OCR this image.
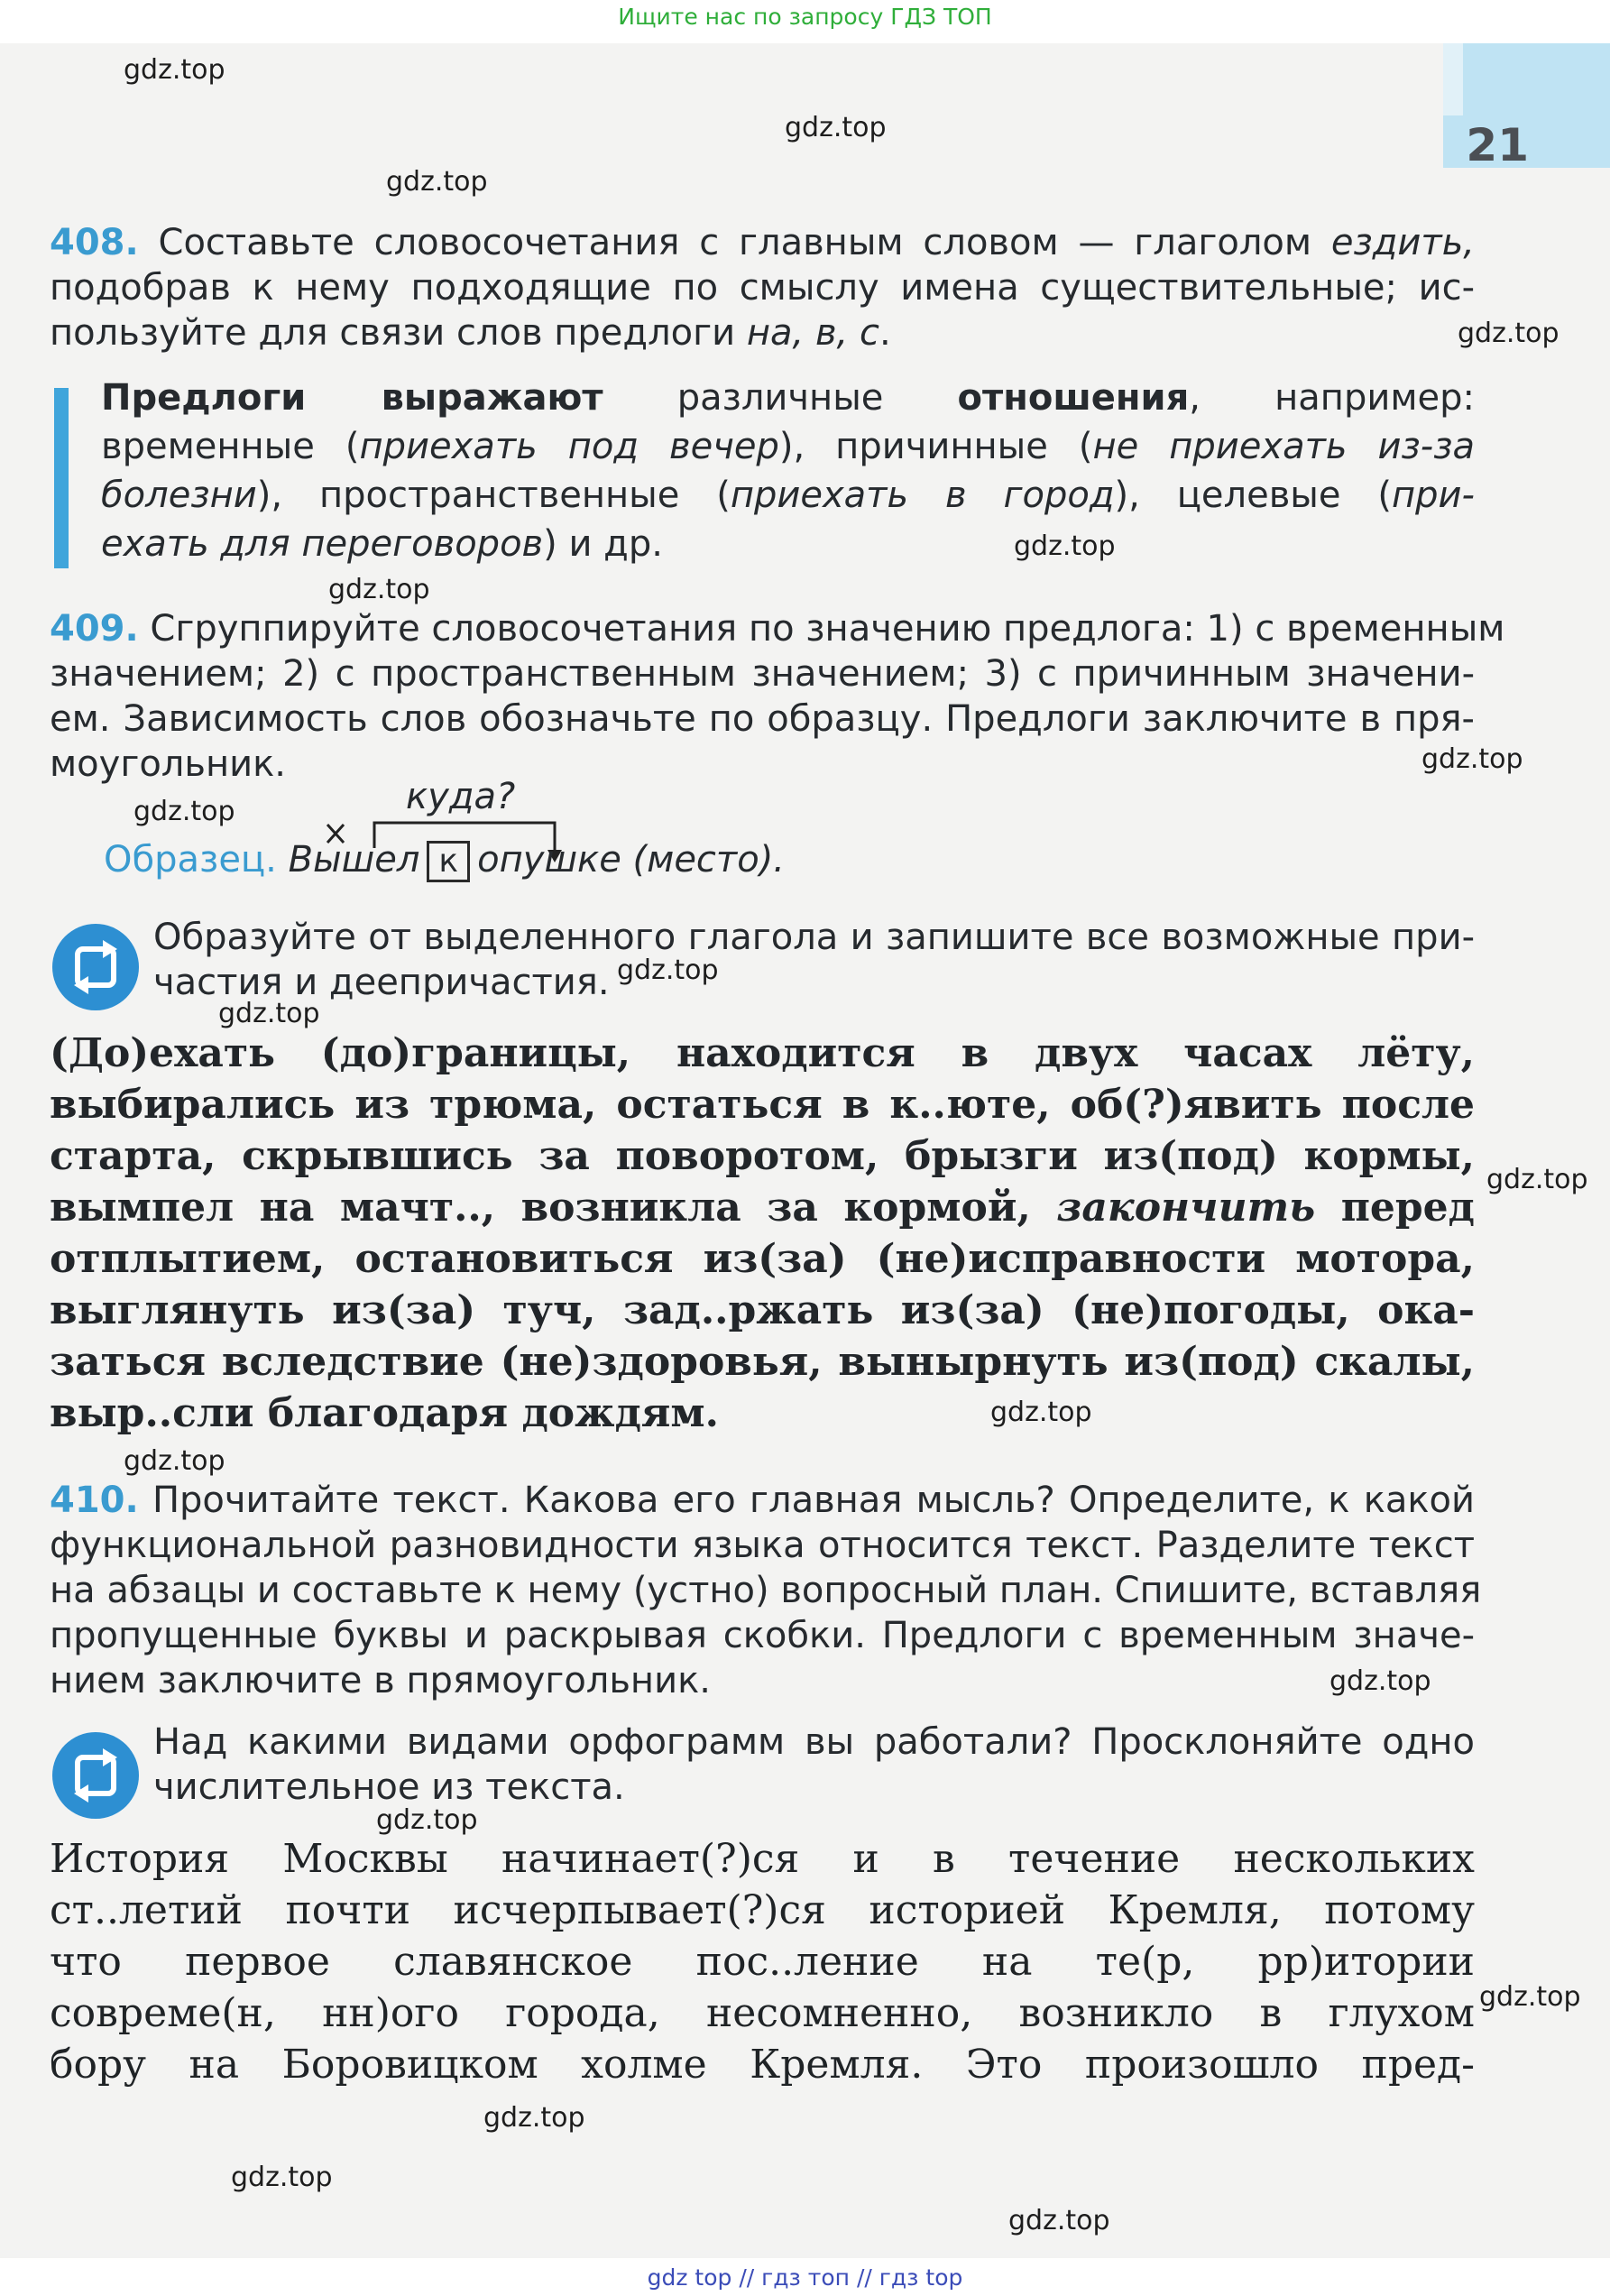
Ищите нас по запросу ГДЗ ТОП
21
gdz.top
gdz.top
gdz.top
gdz.top
gdz.top
gdz.top
gdz.top
gdz.top
gdz.top
gdz.top
gdz.top
gdz.top
gdz.top
gdz.top
gdz.top
gdz.top
gdz.top
gdz.top
gdz.top
408. Составьте словосочетания с главным словом — глаголом ездить,
подобрав к нему подходящие по смыслу имена существительные; ис-
пользуйте для связи слов предлоги на, в, с.
Предлоги выражают различные отношения, например:
временные (приехать под вечер), причинные (не приехать из-за
болезни), пространственные (приехать в город), целевые (при-
ехать для переговоров) и др.
409. Сгруппируйте словосочетания по значению предлога: 1) с временным
значением; 2) с пространственным значением; 3) с причинным значени-
ем. Зависимость слов обозначьте по образцу. Предлоги заключите в пря-
моугольник.
куда?
Образец. Вышел к опушке (место).
Образуйте от выделенного глагола и запишите все возможные при-
частия и деепричастия.
(До)ехать (до)границы, находится в двух часах лёту,
выбирались из трюма, остаться в к..юте, об(?)явить после
старта, скрывшись за поворотом, брызги из(под) кормы,
вымпел на мачт.., возникла за кормой, закончить перед
отплытием, остановиться из(за) (не)исправности мотора,
выглянуть из(за) туч, зад..ржать из(за) (не)погоды, ока-
заться вследствие (не)здоровья, вынырнуть из(под) скалы,
выр..сли благодаря дождям.
410. Прочитайте текст. Какова его главная мысль? Определите, к какой
функциональной разновидности языка относится текст. Разделите текст
на абзацы и составьте к нему (устно) вопросный план. Спишите, вставляя
пропущенные буквы и раскрывая скобки. Предлоги с временным значе-
нием заключите в прямоугольник.
Над какими видами орфограмм вы работали? Просклоняйте одно
числительное из текста.
История Москвы начинает(?)ся и в течение нескольких
ст..летий почти исчерпывает(?)ся историей Кремля, потому
что первое славянское пос..ление на те(р, рр)итории
совреме(н, нн)ого города, несомненно, возникло в глухом
бору на Боровицком холме Кремля. Это произошло пред-
gdz top // гдз топ // гдз top
